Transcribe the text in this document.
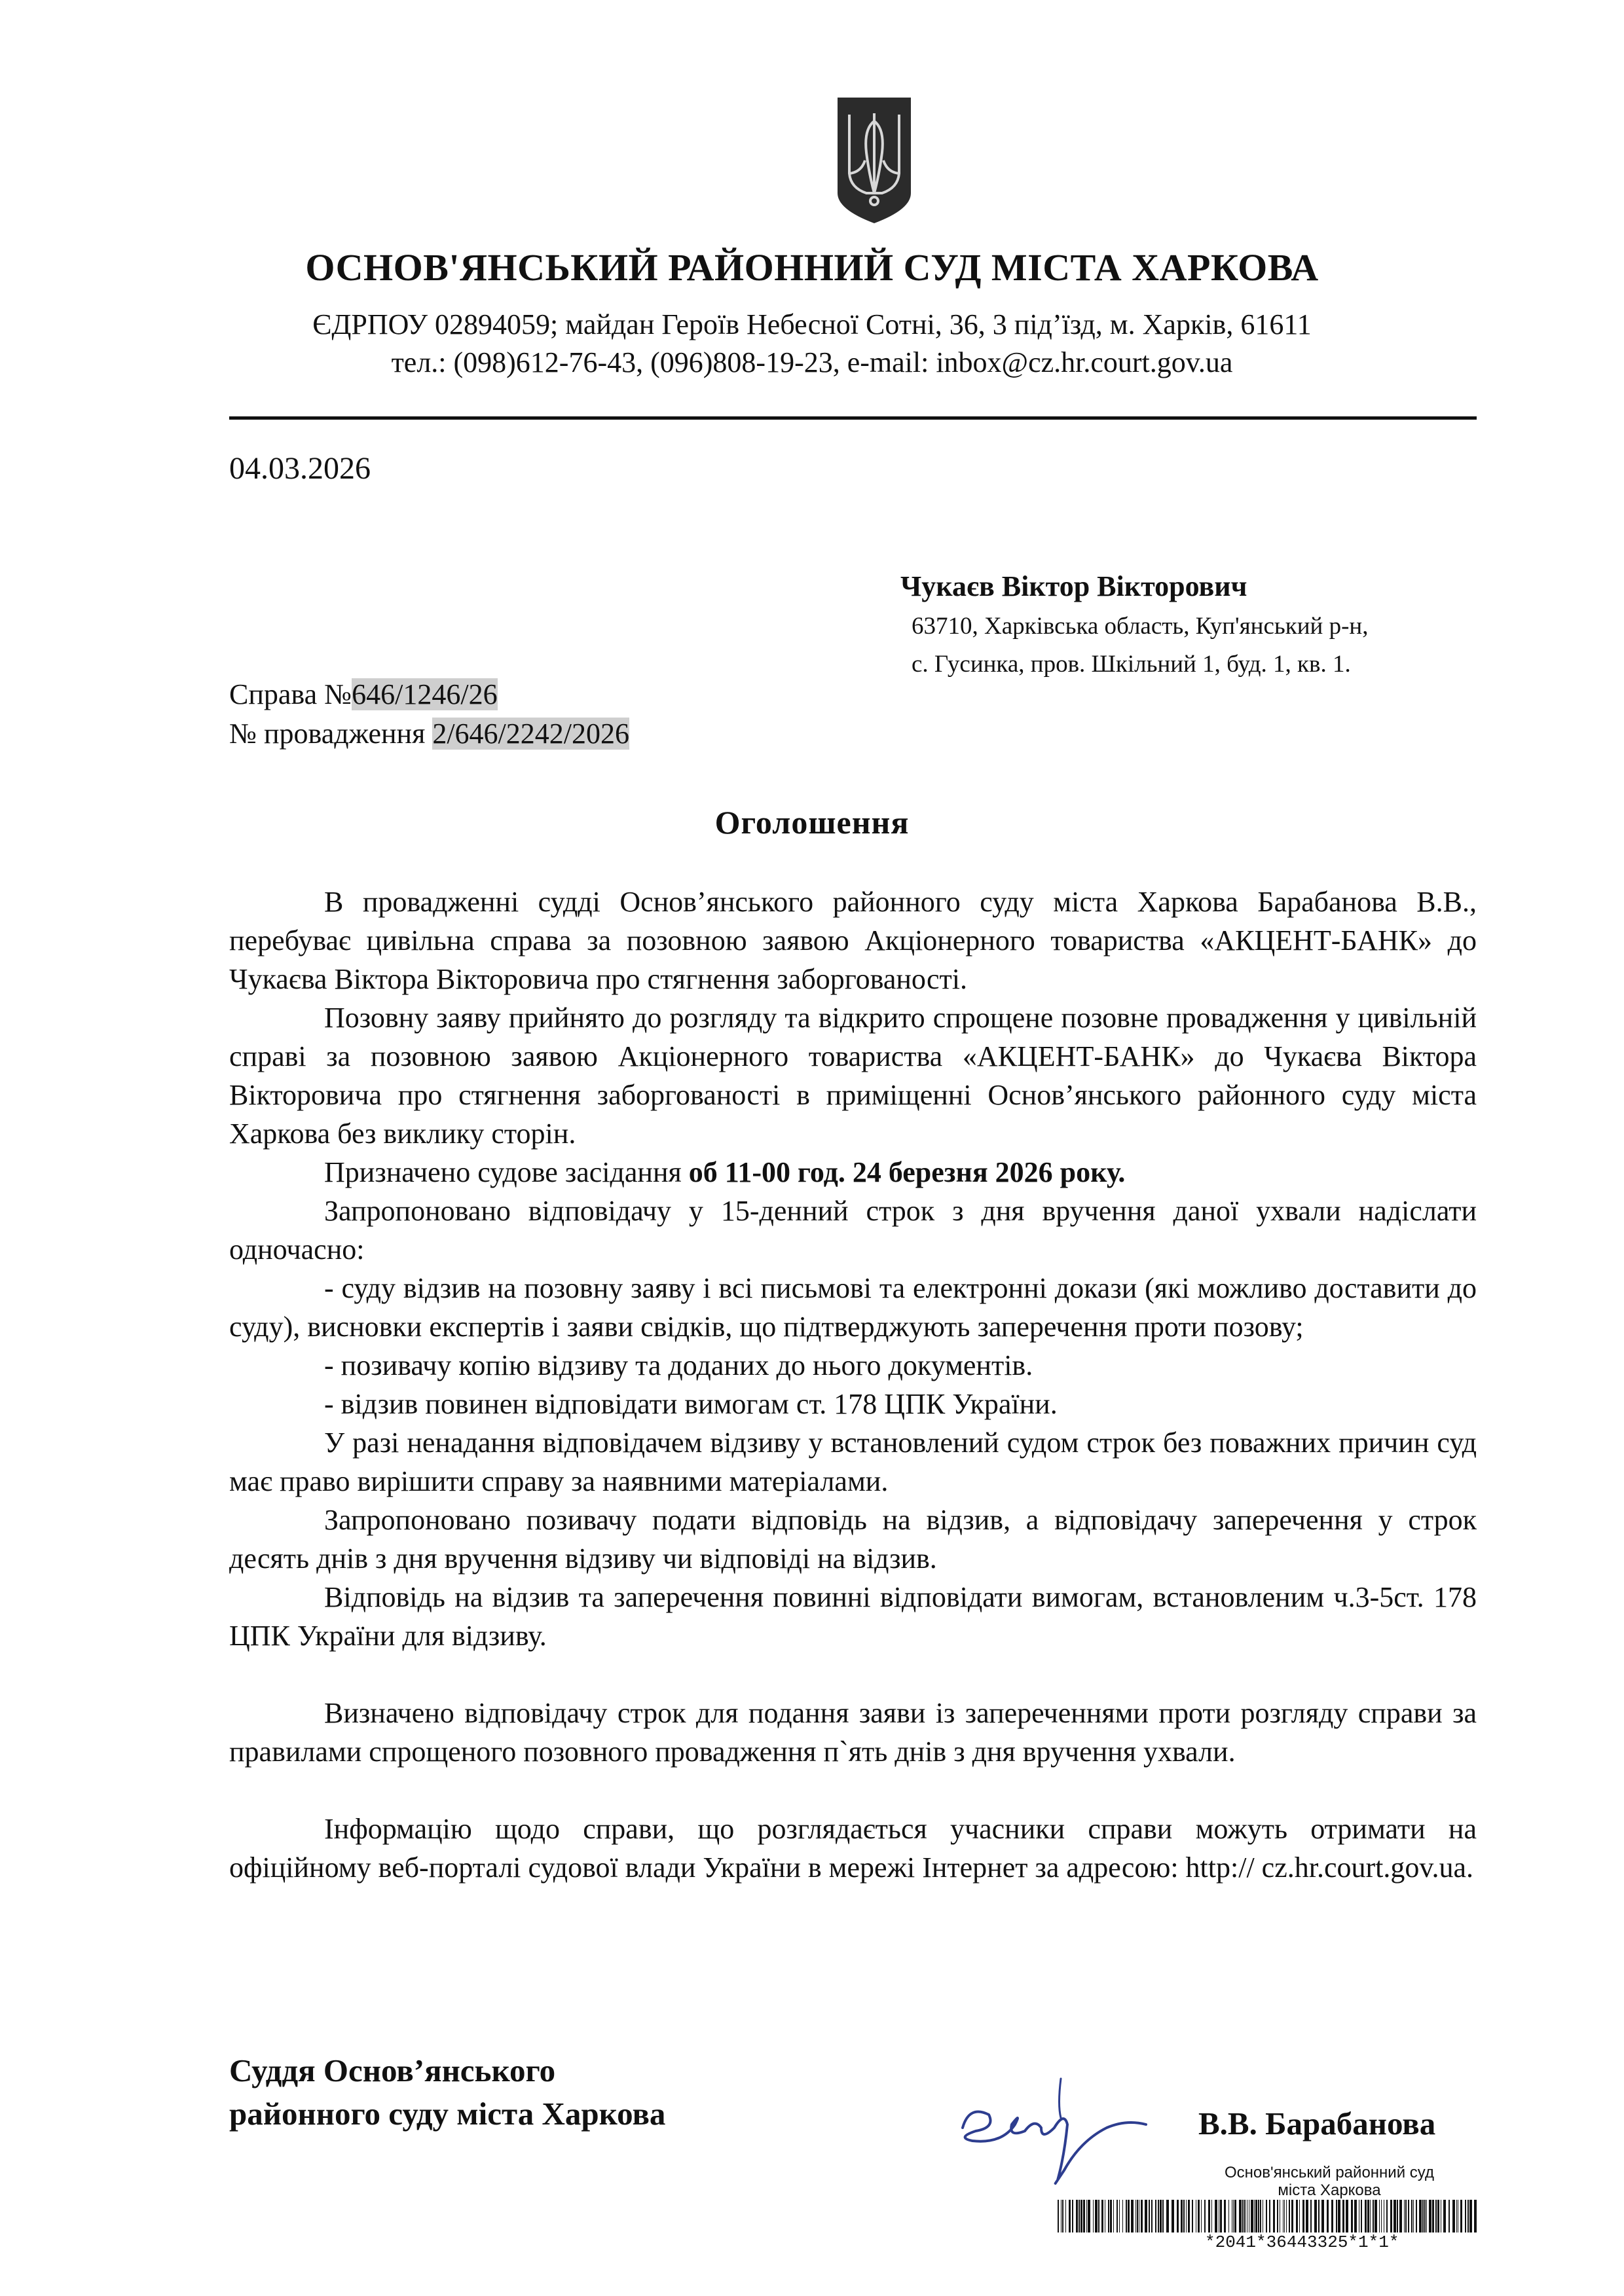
ОСНОВ'ЯНСЬКИЙ РАЙОННИЙ СУД МІСТА ХАРКОВА
ЄДРПОУ 02894059; майдан Героїв Небесної Сотні, 36, 3 під’їзд, м. Харків, 61611
тел.: (098)612-76-43, (096)808-19-23, e-mail: inbox@cz.hr.court.gov.ua
04.03.2026
Чукаєв Віктор Вікторович
63710, Харківська область, Куп'янський р-н,
с. Гусинка, пров. Шкільний 1, буд. 1, кв. 1.
Справа №646/1246/26
№ провадження 2/646/2242/2026
Оголошення

В провадженні судді Основ’янського районного суду міста Харкова Барабанова В.В., перебуває цивільна справа за позовною заявою Акціонерного товариства «АКЦЕНТ-БАНК» до Чукаєва Віктора Вікторовича про стягнення заборгованості.

Позовну заяву прийнято до розгляду та відкрито спрощене позовне провадження у цивільній справі за позовною заявою Акціонерного товариства «АКЦЕНТ-БАНК» до Чукаєва Віктора Вікторовича про стягнення заборгованості в приміщенні Основ’янського районного суду міста Харкова без виклику сторін.

Призначено судове засідання об 11-00 год. 24 березня 2026 року.

Запропоновано відповідачу у 15-денний строк з дня вручення даної ухвали надіслати одночасно:

- суду відзив на позовну заяву і всі письмові та електронні докази (які можливо доставити до суду), висновки експертів і заяви свідків, що підтверджують заперечення проти позову;

- позивачу копію відзиву та доданих до нього документів.

- відзив повинен відповідати вимогам ст. 178 ЦПК України.

У разі ненадання відповідачем відзиву у встановлений судом строк без поважних причин суд має право вирішити справу за наявними матеріалами.

Запропоновано позивачу подати відповідь на відзив, а відповідачу заперечення у строк десять днів з дня вручення відзиву чи відповіді на відзив.

Відповідь на відзив та заперечення повинні відповідати вимогам, встановленим ч.3-5ст. 178 ЦПК України для відзиву.

Визначено відповідачу строк для подання заяви із запереченнями проти розгляду справи за правилами спрощеного позовного провадження п`ять днів з дня вручення ухвали.

Інформацію щодо справи, що розглядається учасники справи можуть отримати на офіційному веб-порталі судової влади України в мережі Інтернет за адресою: http:// cz.hr.court.gov.ua.

Суддя Основ’янського
районного суду міста Харкова	В.В. Барабанова
Основ'янський районний суд
міста Харкова
*2041*36443325*1*1*
